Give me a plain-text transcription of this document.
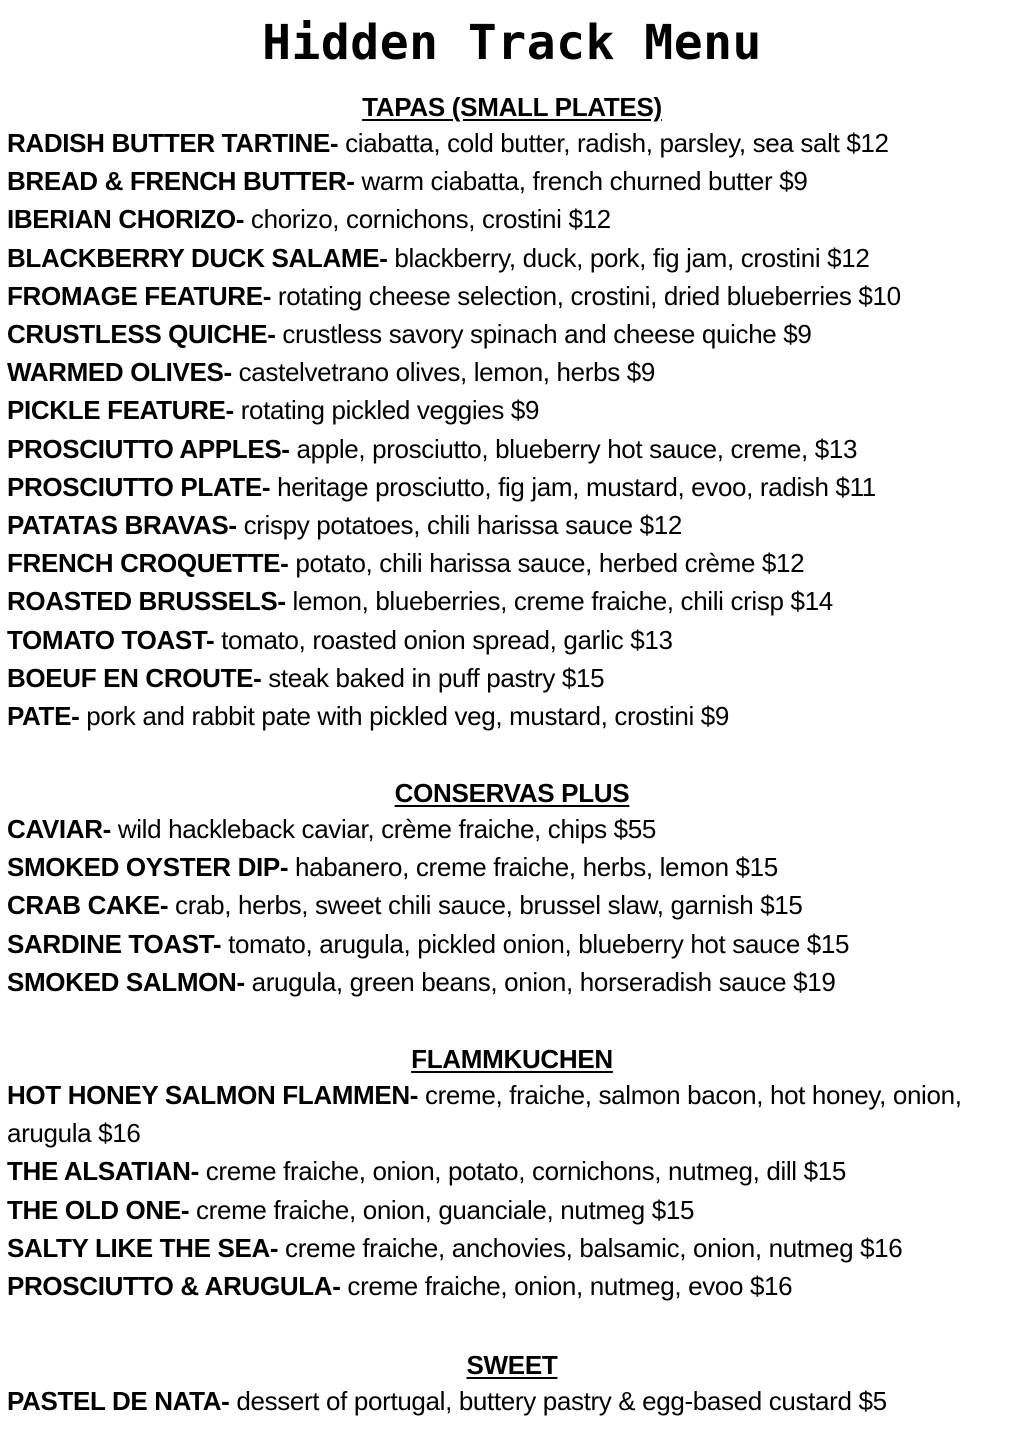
Hidden Track Menu
TAPAS (SMALL PLATES)
RADISH BUTTER TARTINE- ciabatta, cold butter, radish, parsley, sea salt $12
BREAD & FRENCH BUTTER- warm ciabatta, french churned butter $9
IBERIAN CHORIZO- chorizo, cornichons, crostini $12
BLACKBERRY DUCK SALAME- blackberry, duck, pork, fig jam, crostini $12
FROMAGE FEATURE- rotating cheese selection, crostini, dried blueberries $10
CRUSTLESS QUICHE- crustless savory spinach and cheese quiche $9
WARMED OLIVES- castelvetrano olives, lemon, herbs $9
PICKLE FEATURE- rotating pickled veggies $9
PROSCIUTTO APPLES- apple, prosciutto, blueberry hot sauce, creme, $13
PROSCIUTTO PLATE- heritage prosciutto, fig jam, mustard, evoo, radish $11
PATATAS BRAVAS- crispy potatoes, chili harissa sauce $12
FRENCH CROQUETTE- potato, chili harissa sauce, herbed crème $12
ROASTED BRUSSELS- lemon, blueberries, creme fraiche, chili crisp $14
TOMATO TOAST- tomato, roasted onion spread, garlic $13
BOEUF EN CROUTE- steak baked in puff pastry $15
PATE- pork and rabbit pate with pickled veg, mustard, crostini $9
CONSERVAS PLUS
CAVIAR- wild hackleback caviar, crème fraiche, chips $55
SMOKED OYSTER DIP- habanero, creme fraiche, herbs, lemon $15
CRAB CAKE- crab, herbs, sweet chili sauce, brussel slaw, garnish $15
SARDINE TOAST- tomato, arugula, pickled onion, blueberry hot sauce $15
SMOKED SALMON- arugula, green beans, onion, horseradish sauce $19
FLAMMKUCHEN
HOT HONEY SALMON FLAMMEN- creme, fraiche, salmon bacon, hot honey, onion, arugula $16
THE ALSATIAN- creme fraiche, onion, potato, cornichons, nutmeg, dill $15
THE OLD ONE- creme fraiche, onion, guanciale, nutmeg $15
SALTY LIKE THE SEA- creme fraiche, anchovies, balsamic, onion, nutmeg $16
PROSCIUTTO & ARUGULA- creme fraiche, onion, nutmeg, evoo $16
SWEET
PASTEL DE NATA- dessert of portugal, buttery pastry & egg-based custard $5
